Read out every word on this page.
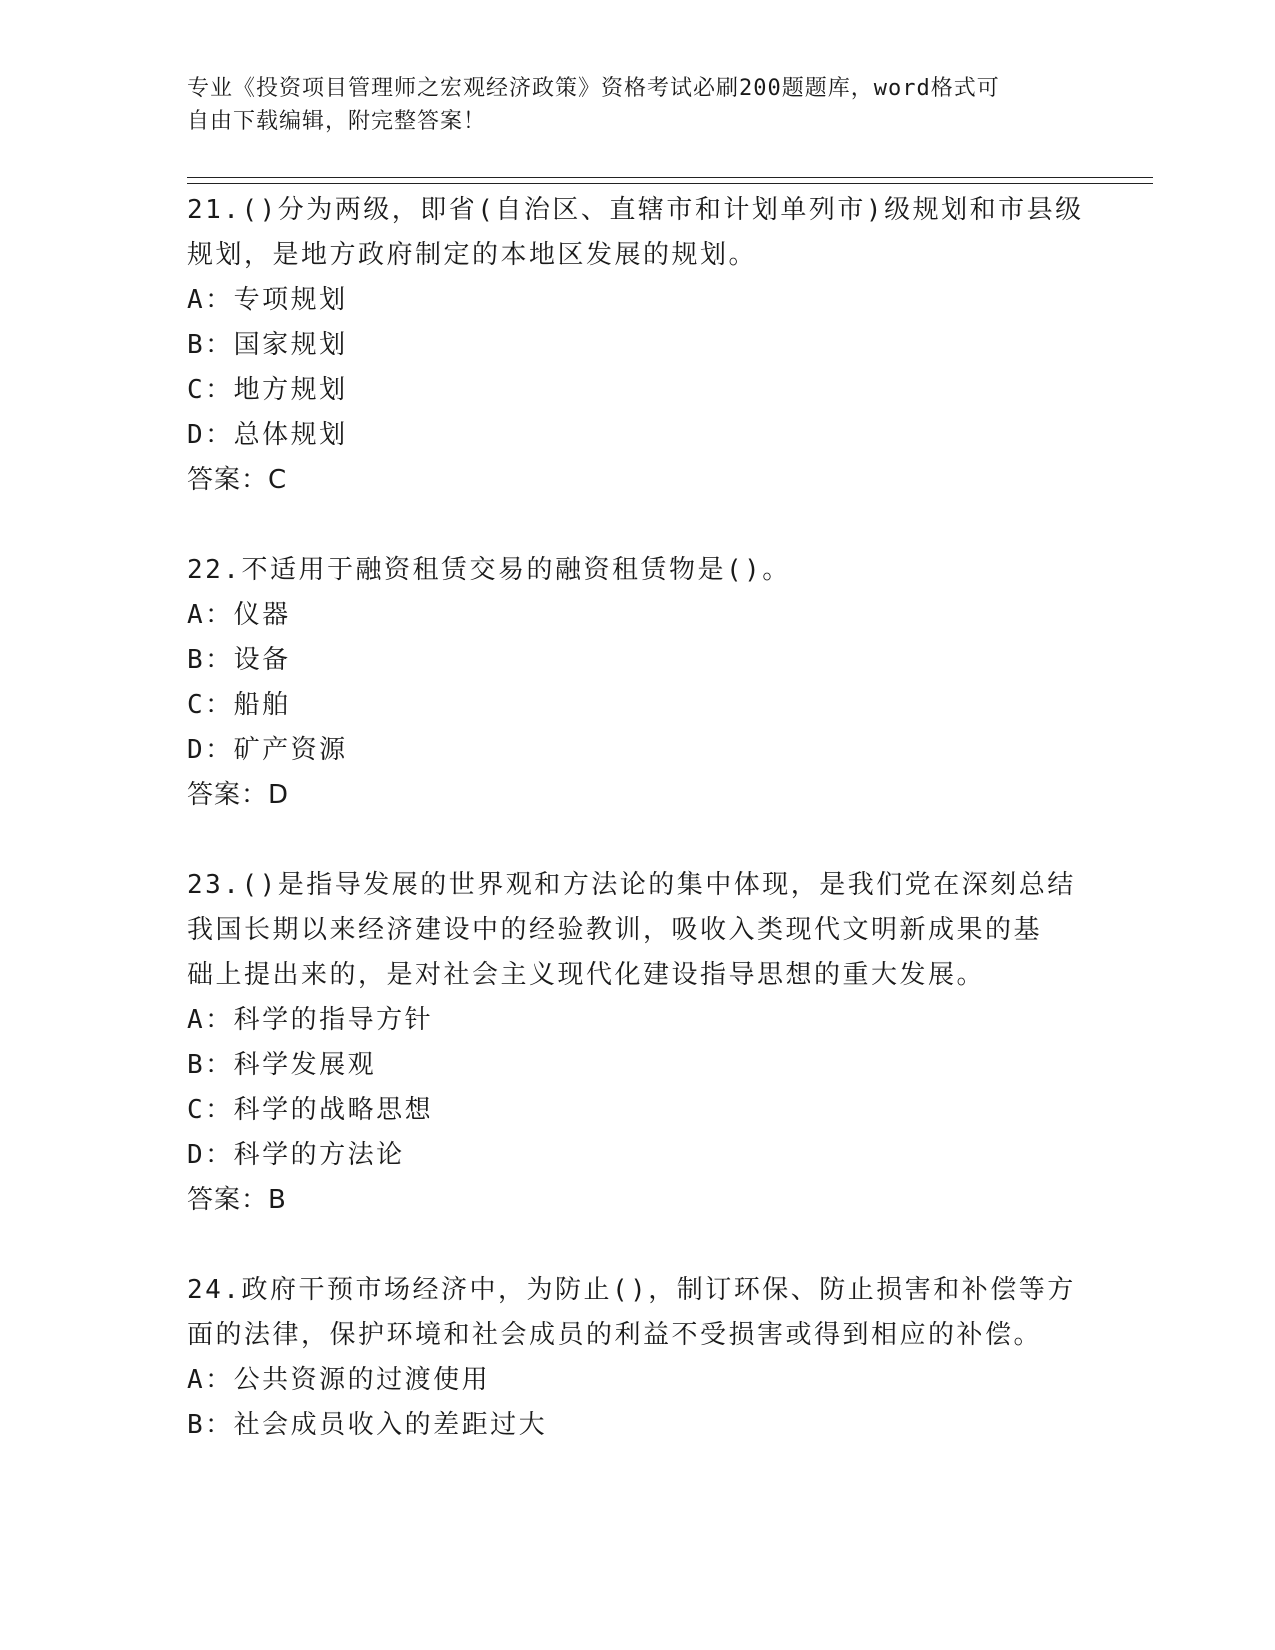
专业《投资项目管理师之宏观经济政策》资格考试必刷200题题库，word格式可
自由下载编辑，附完整答案！
21.()分为两级，即省(自治区、直辖市和计划单列市)级规划和市县级
规划，是地方政府制定的本地区发展的规划。
A：专项规划
B：国家规划
C：地方规划
D：总体规划
答案：C
22.不适用于融资租赁交易的融资租赁物是()。
A：仪器
B：设备
C：船舶
D：矿产资源
答案：D
23.()是指导发展的世界观和方法论的集中体现，是我们党在深刻总结
我国长期以来经济建设中的经验教训，吸收入类现代文明新成果的基
础上提出来的，是对社会主义现代化建设指导思想的重大发展。
A：科学的指导方针
B：科学发展观
C：科学的战略思想
D：科学的方法论
答案：B
24.政府干预市场经济中，为防止()，制订环保、防止损害和补偿等方
面的法律，保护环境和社会成员的利益不受损害或得到相应的补偿。
A：公共资源的过渡使用
B：社会成员收入的差距过大
